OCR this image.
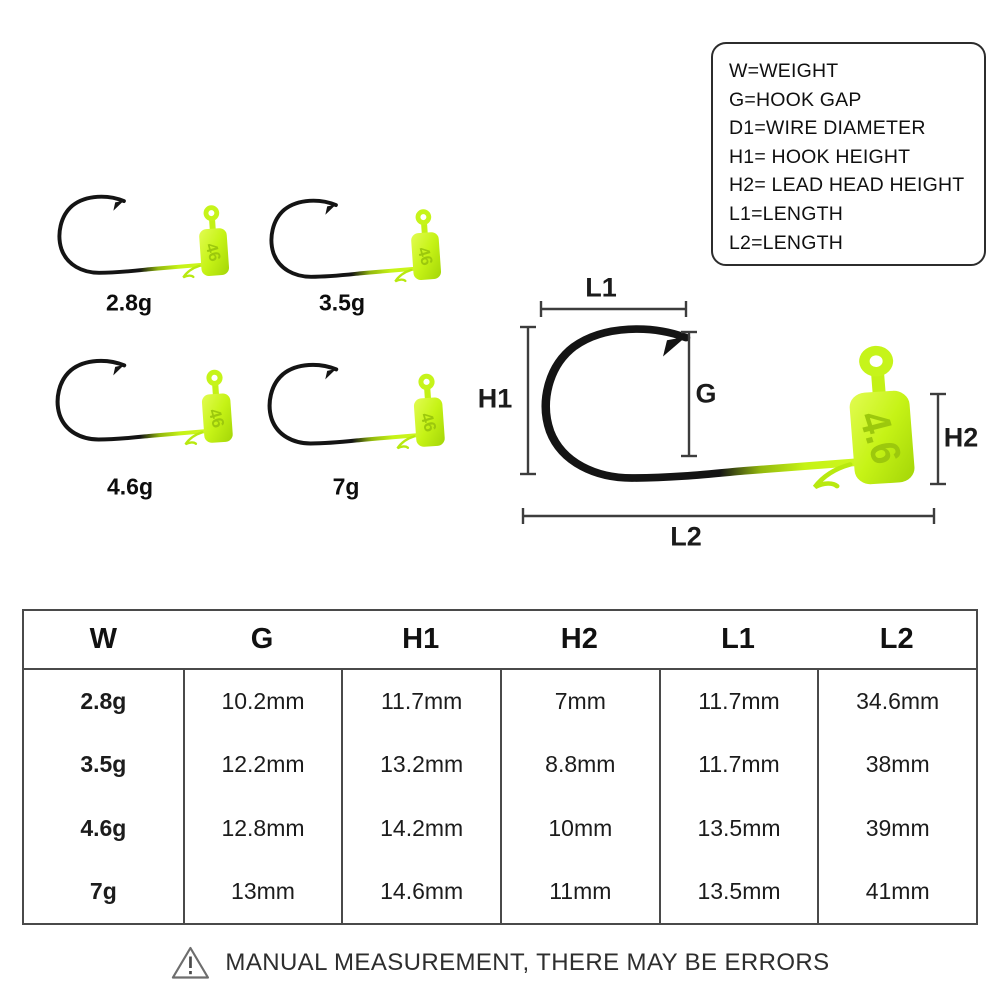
46	46
46	46	4.6
W=WEIGHT
G=HOOK GAP
D1=WIRE DIAMETER
H1= HOOK HEIGHT
H2= LEAD HEAD HEIGHT
L1=LENGTH
L2=LENGTH
2.8g	3.5g
4.6g	7g
L1
H1	G
H2
L2
W	G	H1	H2	L1	L2
2.8g	10.2mm	11.7mm	7mm	11.7mm	34.6mm
3.5g	12.2mm	13.2mm	8.8mm	11.7mm	38mm
4.6g	12.8mm	14.2mm	10mm	13.5mm	39mm
7g	13mm	14.6mm	11mm	13.5mm	41mm
MANUAL MEASUREMENT, THERE MAY BE ERRORS
